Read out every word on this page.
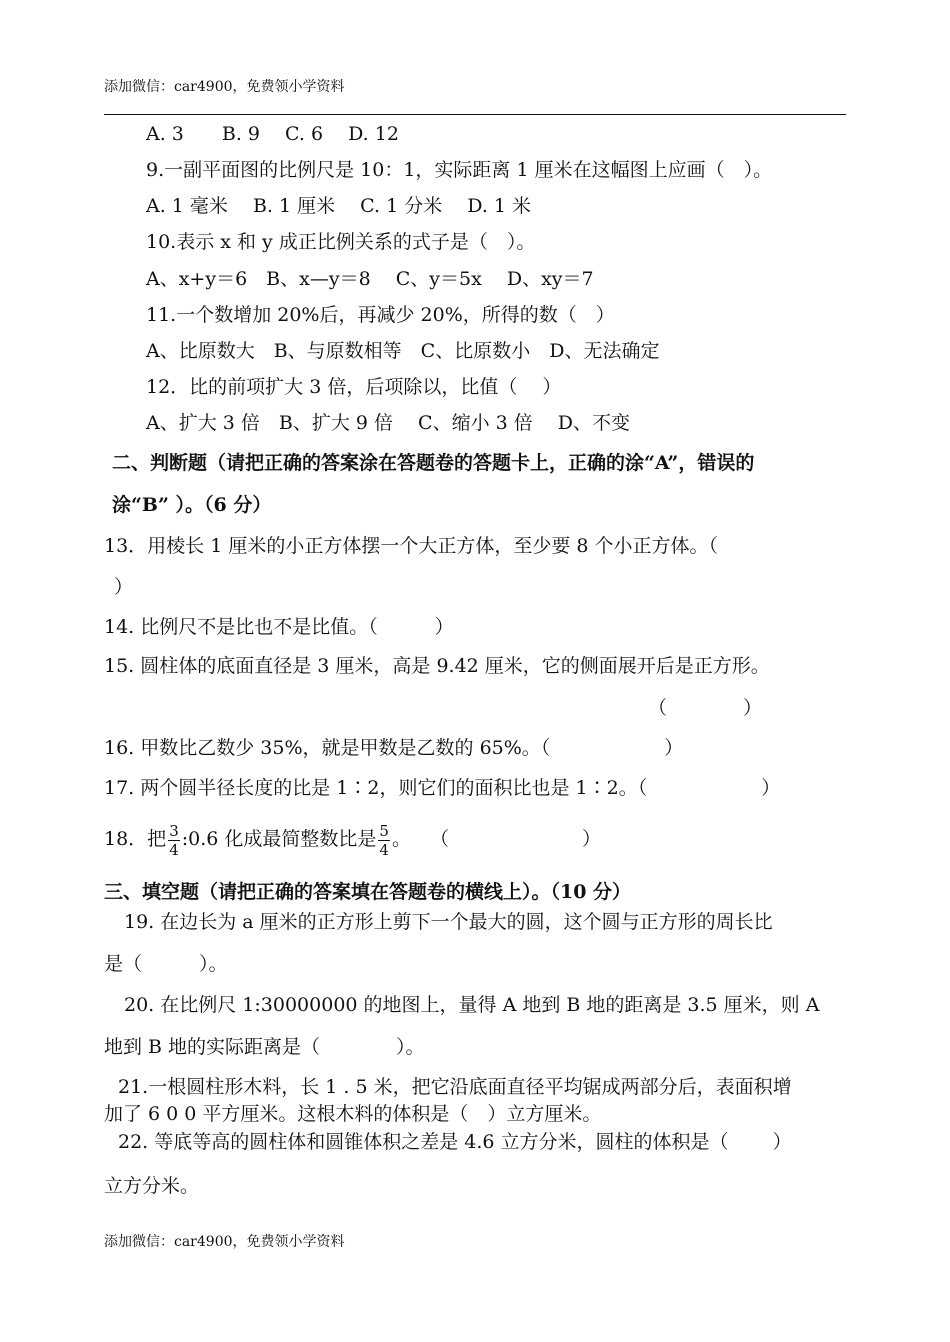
添加微信：car4900，免费领小学资料
A. 3　　B. 9　 C. 6　 D. 12
9.一副平面图的比例尺是 10：1，实际距离 1 厘米在这幅图上应画（　）。
A. 1 毫米　 B. 1 厘米　 C. 1 分米　 D. 1 米
10.表示 x 和 y 成正比例关系的式子是（　）。
A、x+y＝6　B、x—y＝8　 C、y＝5x　 D、xy＝7
11.一个数增加 20%后，再减少 20%，所得的数（　）
A、比原数大　B、与原数相等　C、比原数小　D、无法确定
12．比的前项扩大 3 倍，后项除以，比值（　 ）
A、扩大 3 倍　B、扩大 9 倍　 C、缩小 3 倍　 D、不变
二、判断题（请把正确的答案涂在答题卷的答题卡上，正确的涂“A”，错误的
涂“B” ）。（6 分）
13．用棱长 1 厘米的小正方体摆一个大正方体，至少要 8 个小正方体。（
）
14. 比例尺不是比也不是比值。（　　　）
15. 圆柱体的底面直径是 3 厘米，高是 9.42 厘米，它的侧面展开后是正方形。
（　　　　）
16. 甲数比乙数少 35%，就是甲数是乙数的 65%。（　　　　　　）
17. 两个圆半径长度的比是 1∶2，则它们的面积比也是 1∶2。（　　　　　　）
18．把 $\frac{3}{4}$ :0.6 化成最简整数比是 $\frac{5}{4}$ 。　　（　　　　　　　）
三、填空题（请把正确的答案填在答题卷的横线上）。（10 分）
19. 在边长为 a 厘米的正方形上剪下一个最大的圆，这个圆与正方形的周长比
是（　　　）。
20. 在比例尺 1:30000000 的地图上，量得 A 地到 B 地的距离是 3.5 厘米，则 A
地到 B 地的实际距离是（　　　　）。
21.一根圆柱形木料，长 1 . 5 米，把它沿底面直径平均锯成两部分后，表面积增
加了 6 0 0 平方厘米。这根木料的体积是（　）立方厘米。
22. 等底等高的圆柱体和圆锥体积之差是 4.6 立方分米，圆柱的体积是（　　 ）
立方分米。
添加微信：car4900，免费领小学资料
